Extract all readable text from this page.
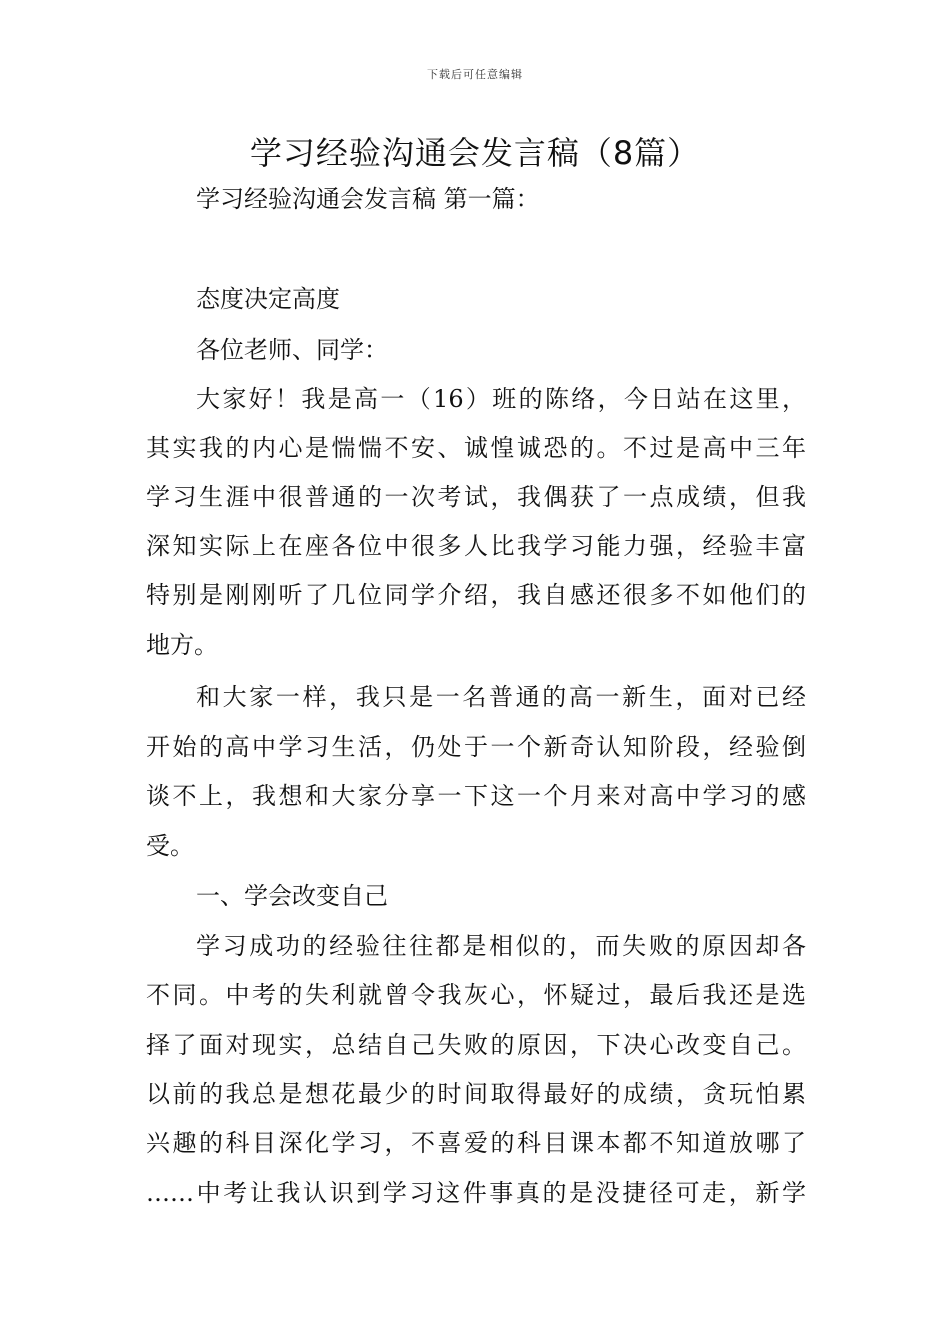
下载后可任意编辑
学习经验沟通会发言稿（8篇）
学习经验沟通会发言稿 第一篇：
态度决定高度
各位老师、同学：
大家好！我是高一（16）班的陈络，今日站在这里，
其实我的内心是惴惴不安、诚惶诚恐的。不过是高中三年
学习生涯中很普通的一次考试，我偶获了一点成绩，但我
深知实际上在座各位中很多人比我学习能力强，经验丰富
特别是刚刚听了几位同学介绍，我自感还很多不如他们的
地方。
和大家一样，我只是一名普通的高一新生，面对已经
开始的高中学习生活，仍处于一个新奇认知阶段，经验倒
谈不上，我想和大家分享一下这一个月来对高中学习的感
受。
一、学会改变自己
学习成功的经验往往都是相似的，而失败的原因却各
不同。中考的失利就曾令我灰心，怀疑过，最后我还是选
择了面对现实，总结自己失败的原因，下决心改变自己。
以前的我总是想花最少的时间取得最好的成绩，贪玩怕累
兴趣的科目深化学习，不喜爱的科目课本都不知道放哪了
……中考让我认识到学习这件事真的是没捷径可走，新学
